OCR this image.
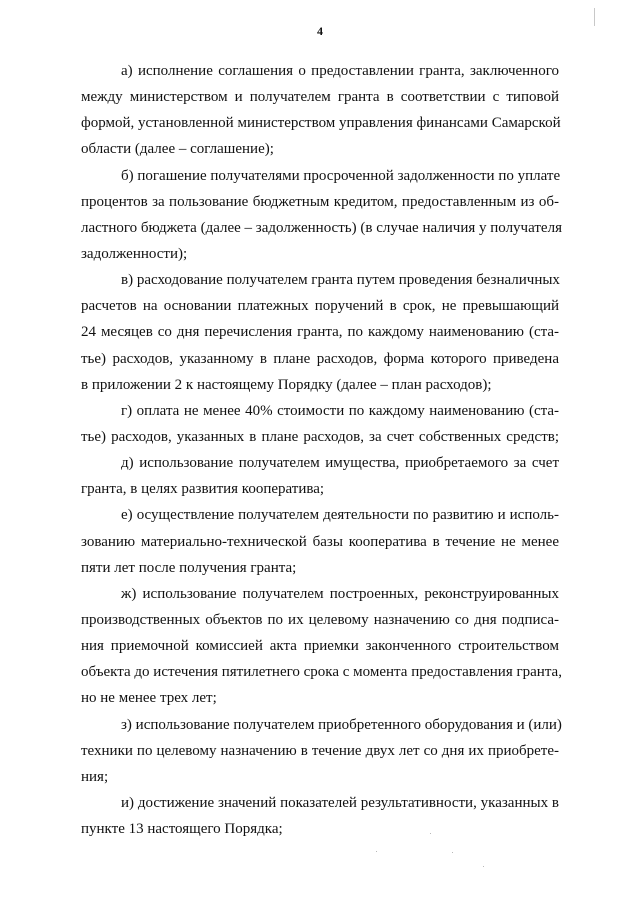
4
а) исполнение соглашения о предоставлении гранта, заключенного
между министерством и получателем гранта в соответствии с типовой
формой, установленной министерством управления финансами Самарской
области (далее – соглашение);
б) погашение получателями просроченной задолженности по уплате
процентов за пользование бюджетным кредитом, предоставленным из об-
ластного бюджета (далее – задолженность) (в случае наличия у получателя
задолженности);
в) расходование получателем гранта путем проведения безналичных
расчетов на основании платежных поручений в срок, не превышающий
24 месяцев со дня перечисления гранта, по каждому наименованию (ста-
тье) расходов, указанному в плане расходов, форма которого приведена
в приложении 2 к настоящему Порядку (далее – план расходов);
г) оплата не менее 40% стоимости по каждому наименованию (ста-
тье) расходов, указанных в плане расходов, за счет собственных средств;
д) использование получателем имущества, приобретаемого за счет
гранта, в целях развития кооператива;
е) осуществление получателем деятельности по развитию и исполь-
зованию материально-технической базы кооператива в течение не менее
пяти лет после получения гранта;
ж) использование получателем построенных, реконструированных
производственных объектов по их целевому назначению со дня подписа-
ния приемочной комиссией акта приемки законченного строительством
объекта до истечения пятилетнего срока с момента предоставления гранта,
но не менее трех лет;
з) использование получателем приобретенного оборудования и (или)
техники по целевому назначению в течение двух лет со дня их приобрете-
ния;
и) достижение значений показателей результативности, указанных в
пункте 13 настоящего Порядка;
